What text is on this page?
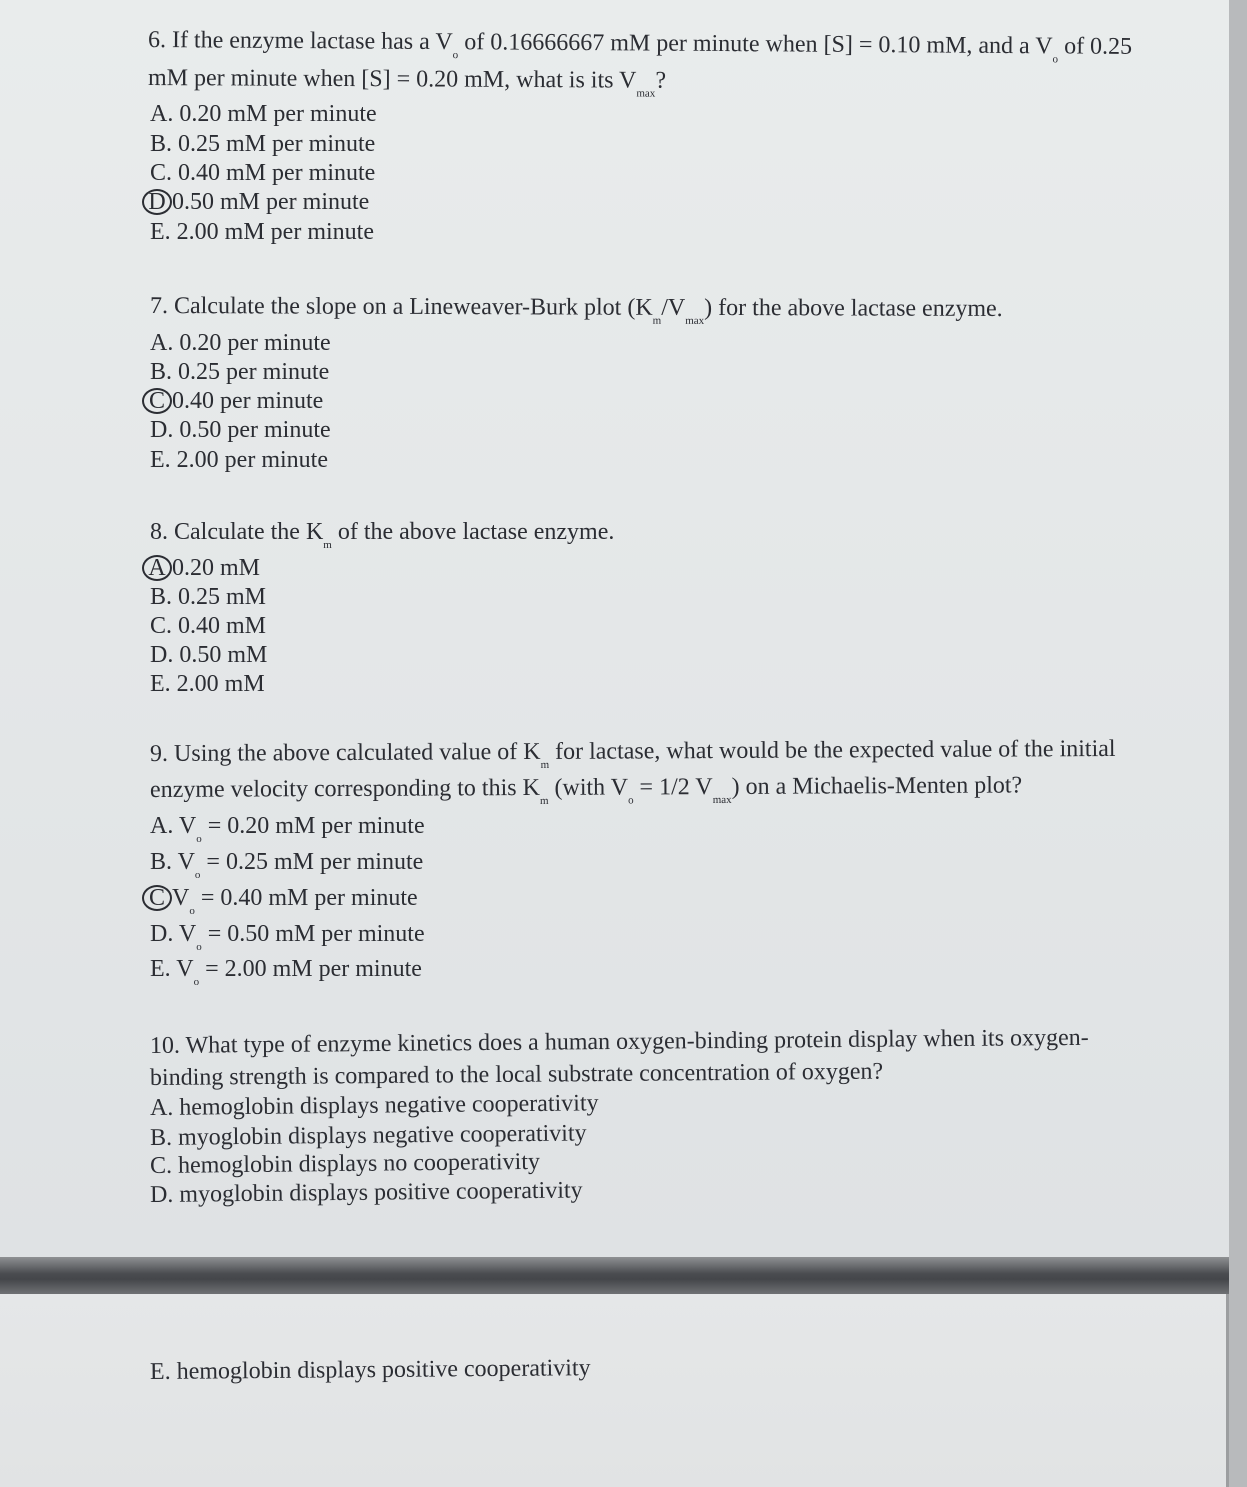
6. If the enzyme lactase has a $V_o$ of 0.16666667 mM per minute when [S] = 0.10 mM, and a $V_o$ of 0.25
mM per minute when [S] = 0.20 mM, what is its $V_{max}$?
A. 0.20 mM per minute
B. 0.25 mM per minute
C. 0.40 mM per minute
D 0.50 mM per minute
E. 2.00 mM per minute
7. Calculate the slope on a Lineweaver-Burk plot $(K_m/V_{max})$ for the above lactase enzyme.
A. 0.20 per minute
B. 0.25 per minute
C 0.40 per minute
D. 0.50 per minute
E. 2.00 per minute
8. Calculate the $K_m$ of the above lactase enzyme.
A 0.20 mM
B. 0.25 mM
C. 0.40 mM
D. 0.50 mM
E. 2.00 mM
9. Using the above calculated value of $K_m$ for lactase, what would be the expected value of the initial
enzyme velocity corresponding to this $K_m$ (with $V_o = 1/2$ $V_{max}$) on a Michaelis-Menten plot?
A. $V_o = 0.20$ mM per minute
B. $V_o = 0.25$ mM per minute
C $V_o = 0.40$ mM per minute
D. $V_o = 0.50$ mM per minute
E. $V_o = 2.00$ mM per minute
10. What type of enzyme kinetics does a human oxygen-binding protein display when its oxygen-
binding strength is compared to the local substrate concentration of oxygen?
A. hemoglobin displays negative cooperativity
B. myoglobin displays negative cooperativity
C. hemoglobin displays no cooperativity
D. myoglobin displays positive cooperativity
E. hemoglobin displays positive cooperativity
